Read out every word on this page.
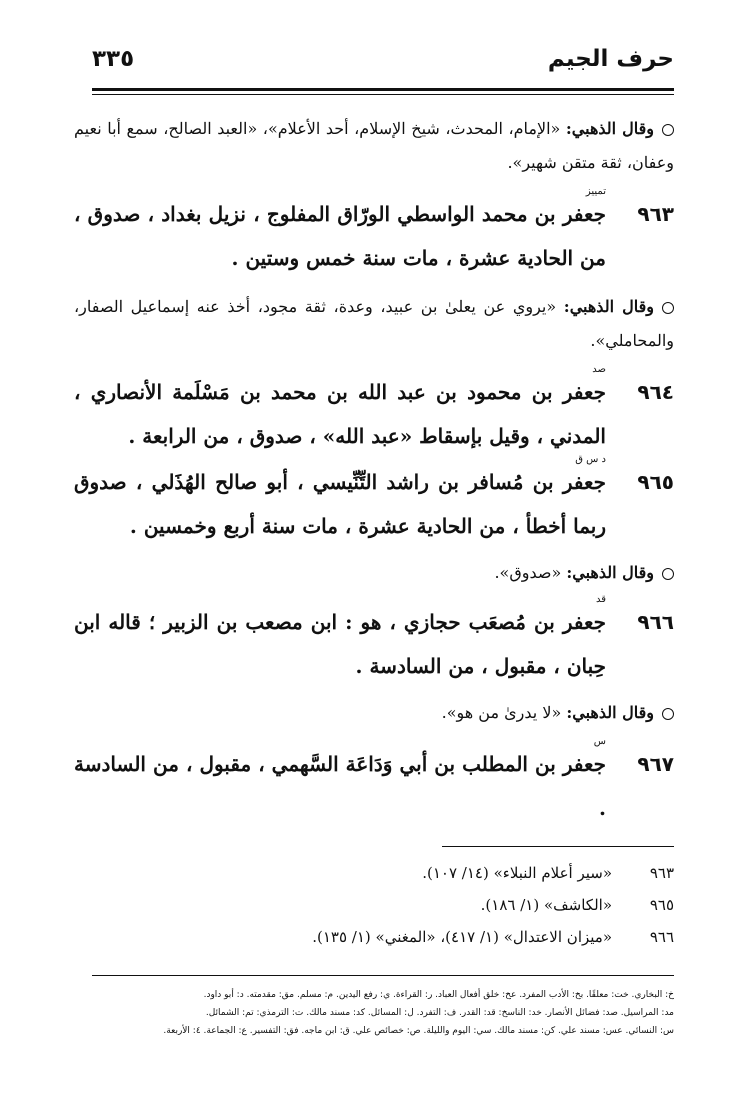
حرف الجيم
٣٣٥
وقال الذهبي: «الإمام، المحدث، شيخ الإسلام، أحد الأعلام»، «العبد الصالح، سمع أبا نعيم وعفان، ثقة متقن شهير».
٩٦٣
تمييز
جعفر بن محمد الواسطي الورّاق المفلوج ، نزيل بغداد ، صدوق ، من الحادية عشرة ، مات سنة خمس وستين .
وقال الذهبي: «يروي عن يعلىٰ بن عبيد، وعدة، ثقة مجود، أخذ عنه إسماعيل الصفار، والمحاملي».
٩٦٤
صد
جعفر بن محمود بن عبد الله بن محمد بن مَسْلَمة الأنصاري ، المدني ، وقيل بإسقاط «عبد الله» ، صدوق ، من الرابعة .
٩٦٥
د س ق
جعفر بن مُسافر بن راشد التِّنِّيسي ، أبو صالح الهُذَلي ، صدوق ربما أخطأ ، من الحادية عشرة ، مات سنة أربع وخمسين .
وقال الذهبي: «صدوق».
٩٦٦
قد
جعفر بن مُصعَب حجازي ، هو : ابن مصعب بن الزبير ؛ قاله ابن حِبان ، مقبول ، من السادسة .
وقال الذهبي: «لا يدرىٰ من هو».
٩٦٧
س
جعفر بن المطلب بن أبي وَدَاعَة السَّهمي ، مقبول ، من السادسة .
٩٦٣«سير أعلام النبلاء» (١٤/ ١٠٧).
٩٦٥«الكاشف» (١/ ١٨٦).
٩٦٦«ميزان الاعتدال» (١/ ٤١٧)، «المغني» (١/ ١٣٥).
خ: البخاري. خت: معلقًا. بخ: الأدب المفرد. عخ: خلق أفعال العباد. ر: القراءة. ي: رفع اليدين. م: مسلم. مق: مقدمته. د: أبو داود.
مد: المراسيل. صد: فضائل الأنصار. خد: الناسخ: قد: القدر. ف: التفرد. ل: المسائل. كد: مسند مالك. ت: الترمذي: تم: الشمائل.
س: النسائي. عس: مسند علي. كن: مسند مالك. سي: اليوم والليلة. ص: خصائص علي. ق: ابن ماجه. فق: التفسير. ع: الجماعة. ٤: الأربعة.
